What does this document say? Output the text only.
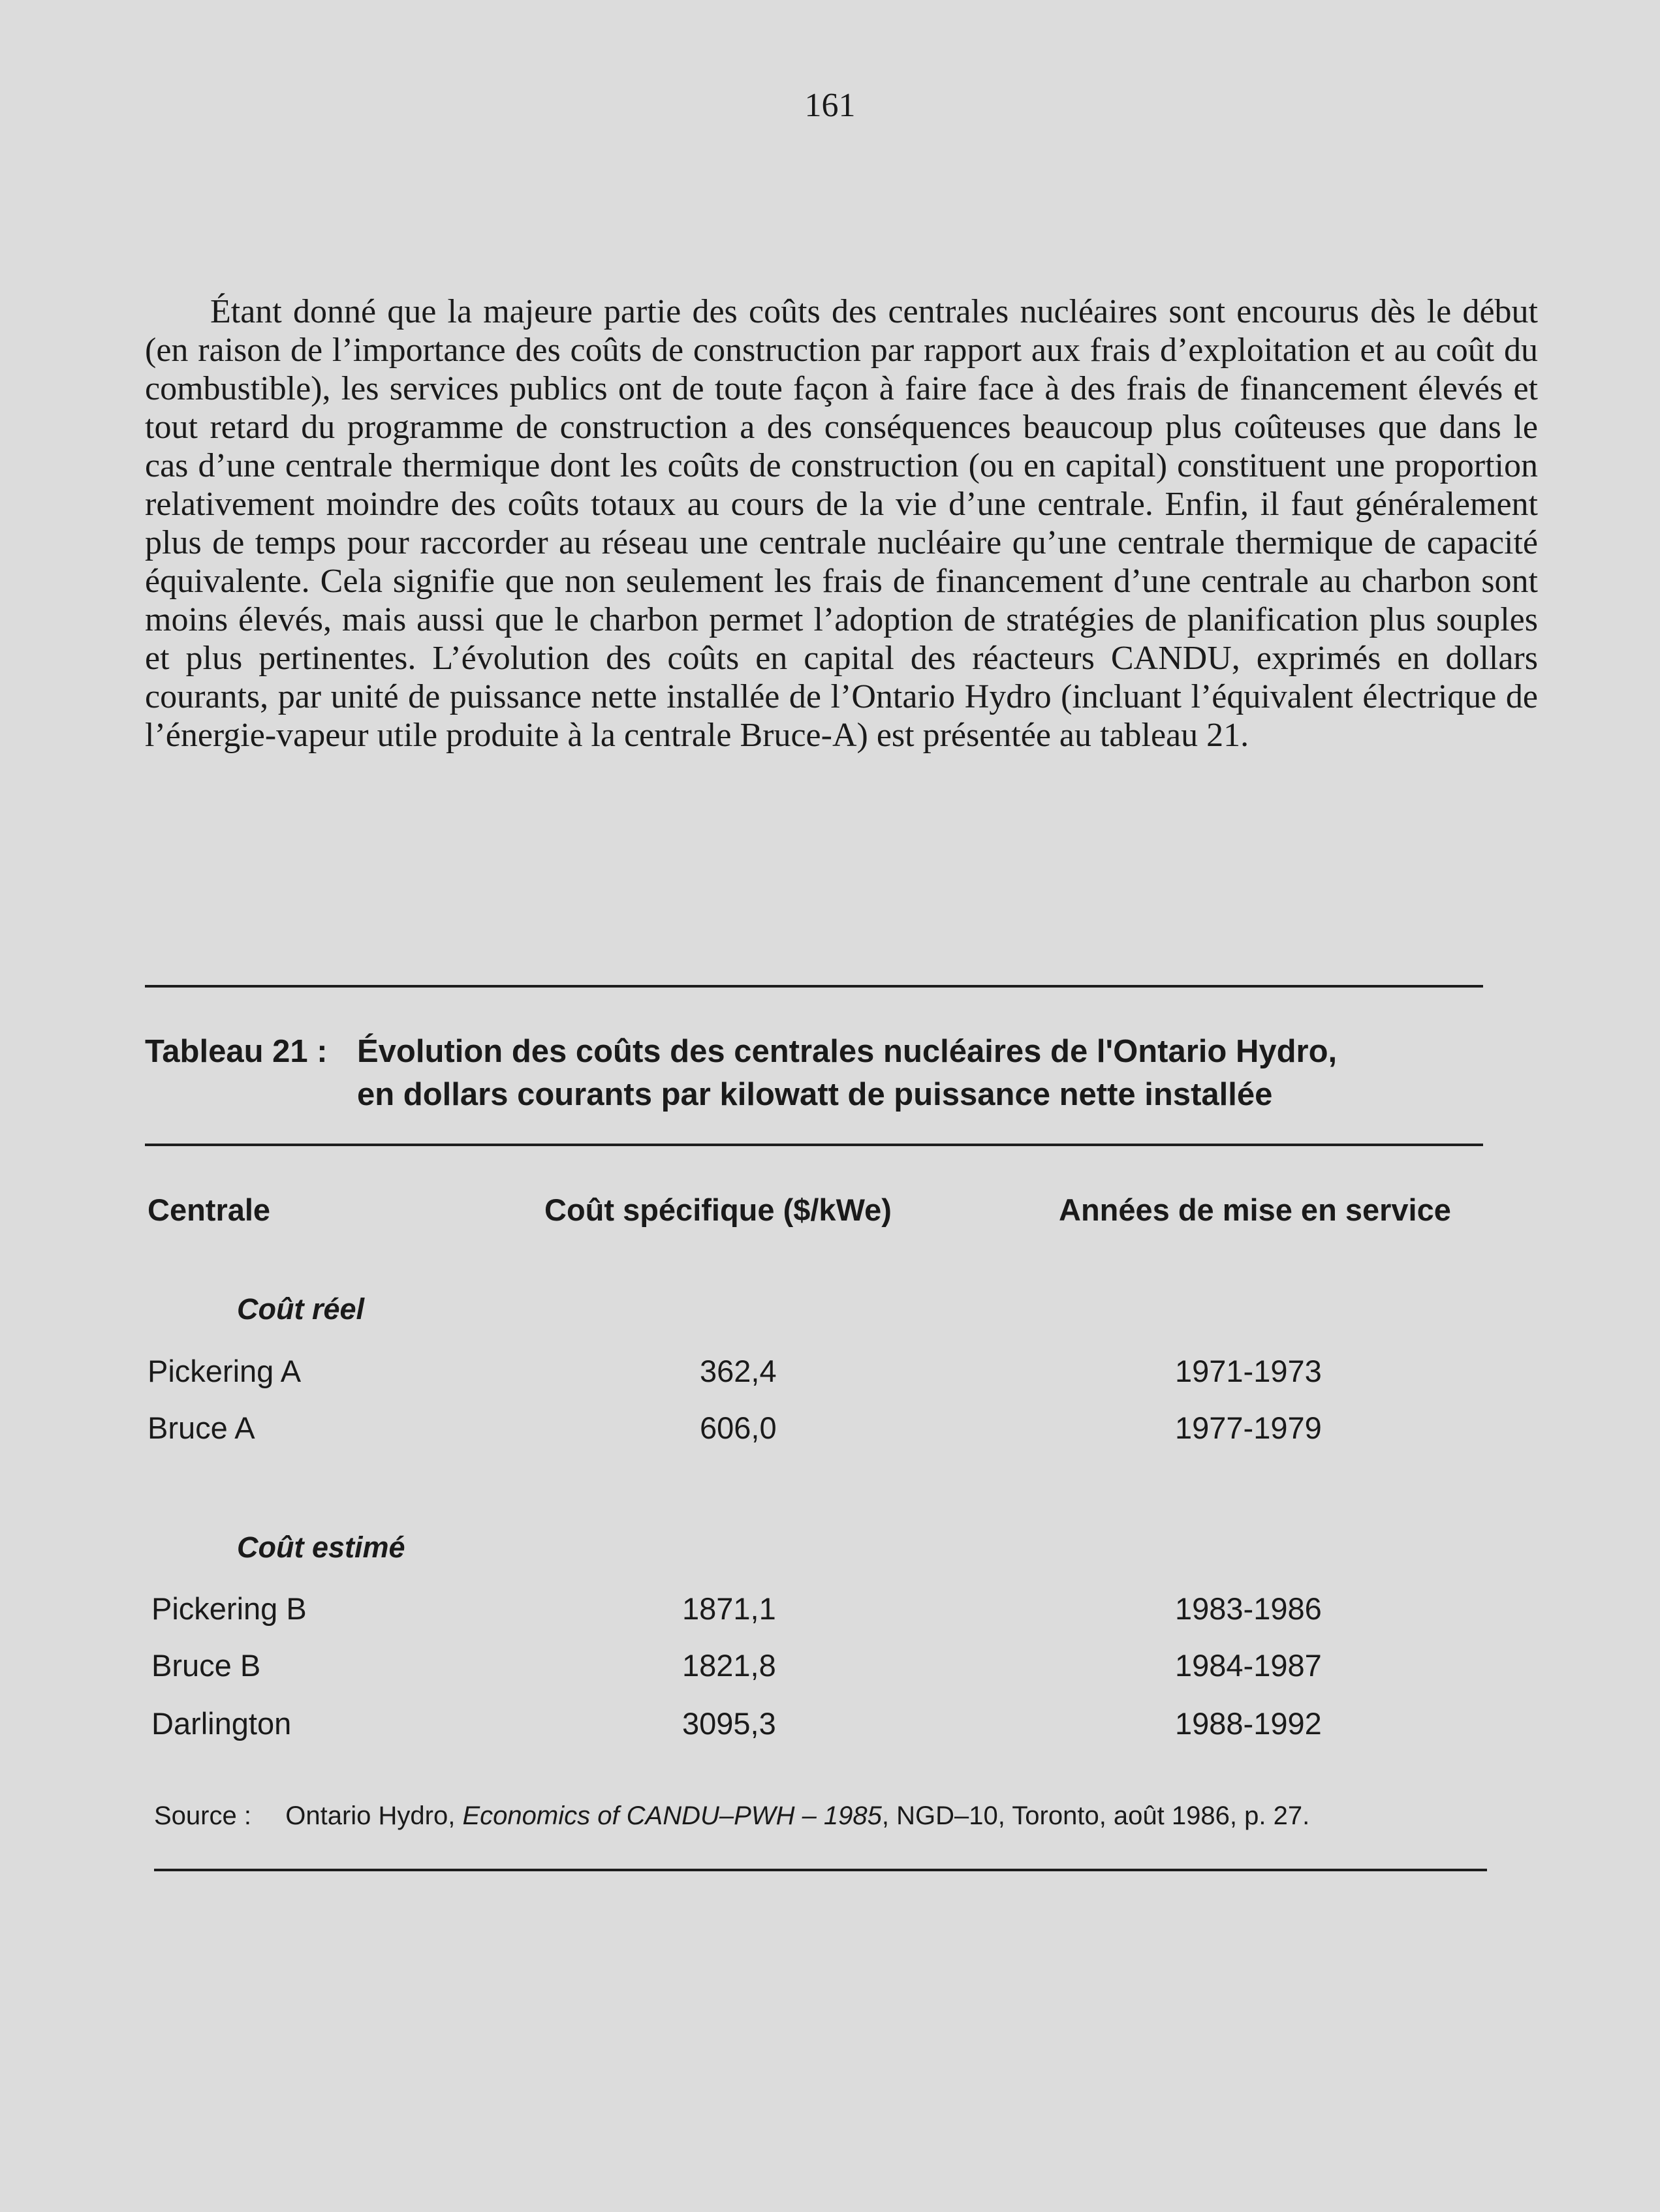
161

Étant donné que la majeure partie des coûts des centrales nucléaires sont encourus dès le début (en raison de l’importance des coûts de construction par rapport aux frais d’exploitation et au coût du combustible), les services publics ont de toute façon à faire face à des frais de financement élevés et tout retard du programme de construction a des conséquences beaucoup plus coûteuses que dans le cas d’une centrale thermique dont les coûts de construction (ou en capital) constituent une proportion relativement moindre des coûts totaux au cours de la vie d’une centrale. Enfin, il faut généralement plus de temps pour raccorder au réseau une centrale nucléaire qu’une centrale thermique de capacité équivalente. Cela signifie que non seulement les frais de financement d’une centrale au charbon sont moins élevés, mais aussi que le charbon permet l’adoption de stratégies de planification plus souples et plus pertinentes. L’évolution des coûts en capital des réacteurs CANDU, exprimés en dollars courants, par unité de puissance nette installée de l’Ontario Hydro (incluant l’équivalent électrique de l’énergie-vapeur utile produite à la centrale Bruce-A) est présentée au tableau 21.

Tableau 21 : Évolution des coûts des centrales nucléaires de l'Ontario Hydro,
en dollars courants par kilowatt de puissance nette installée
Centrale	Coût spécifique ($/kWe)	Années de mise en service
Coût réel
Pickering A	362,4	1971-1973
Bruce A	606,0	1977-1979
Coût estimé
Pickering B	1871,1	1983-1986
Bruce B	1821,8	1984-1987
Darlington	3095,3	1988-1992
Source : Ontario Hydro, Economics of CANDU–PWH – 1985, NGD–10, Toronto, août 1986, p. 27.
